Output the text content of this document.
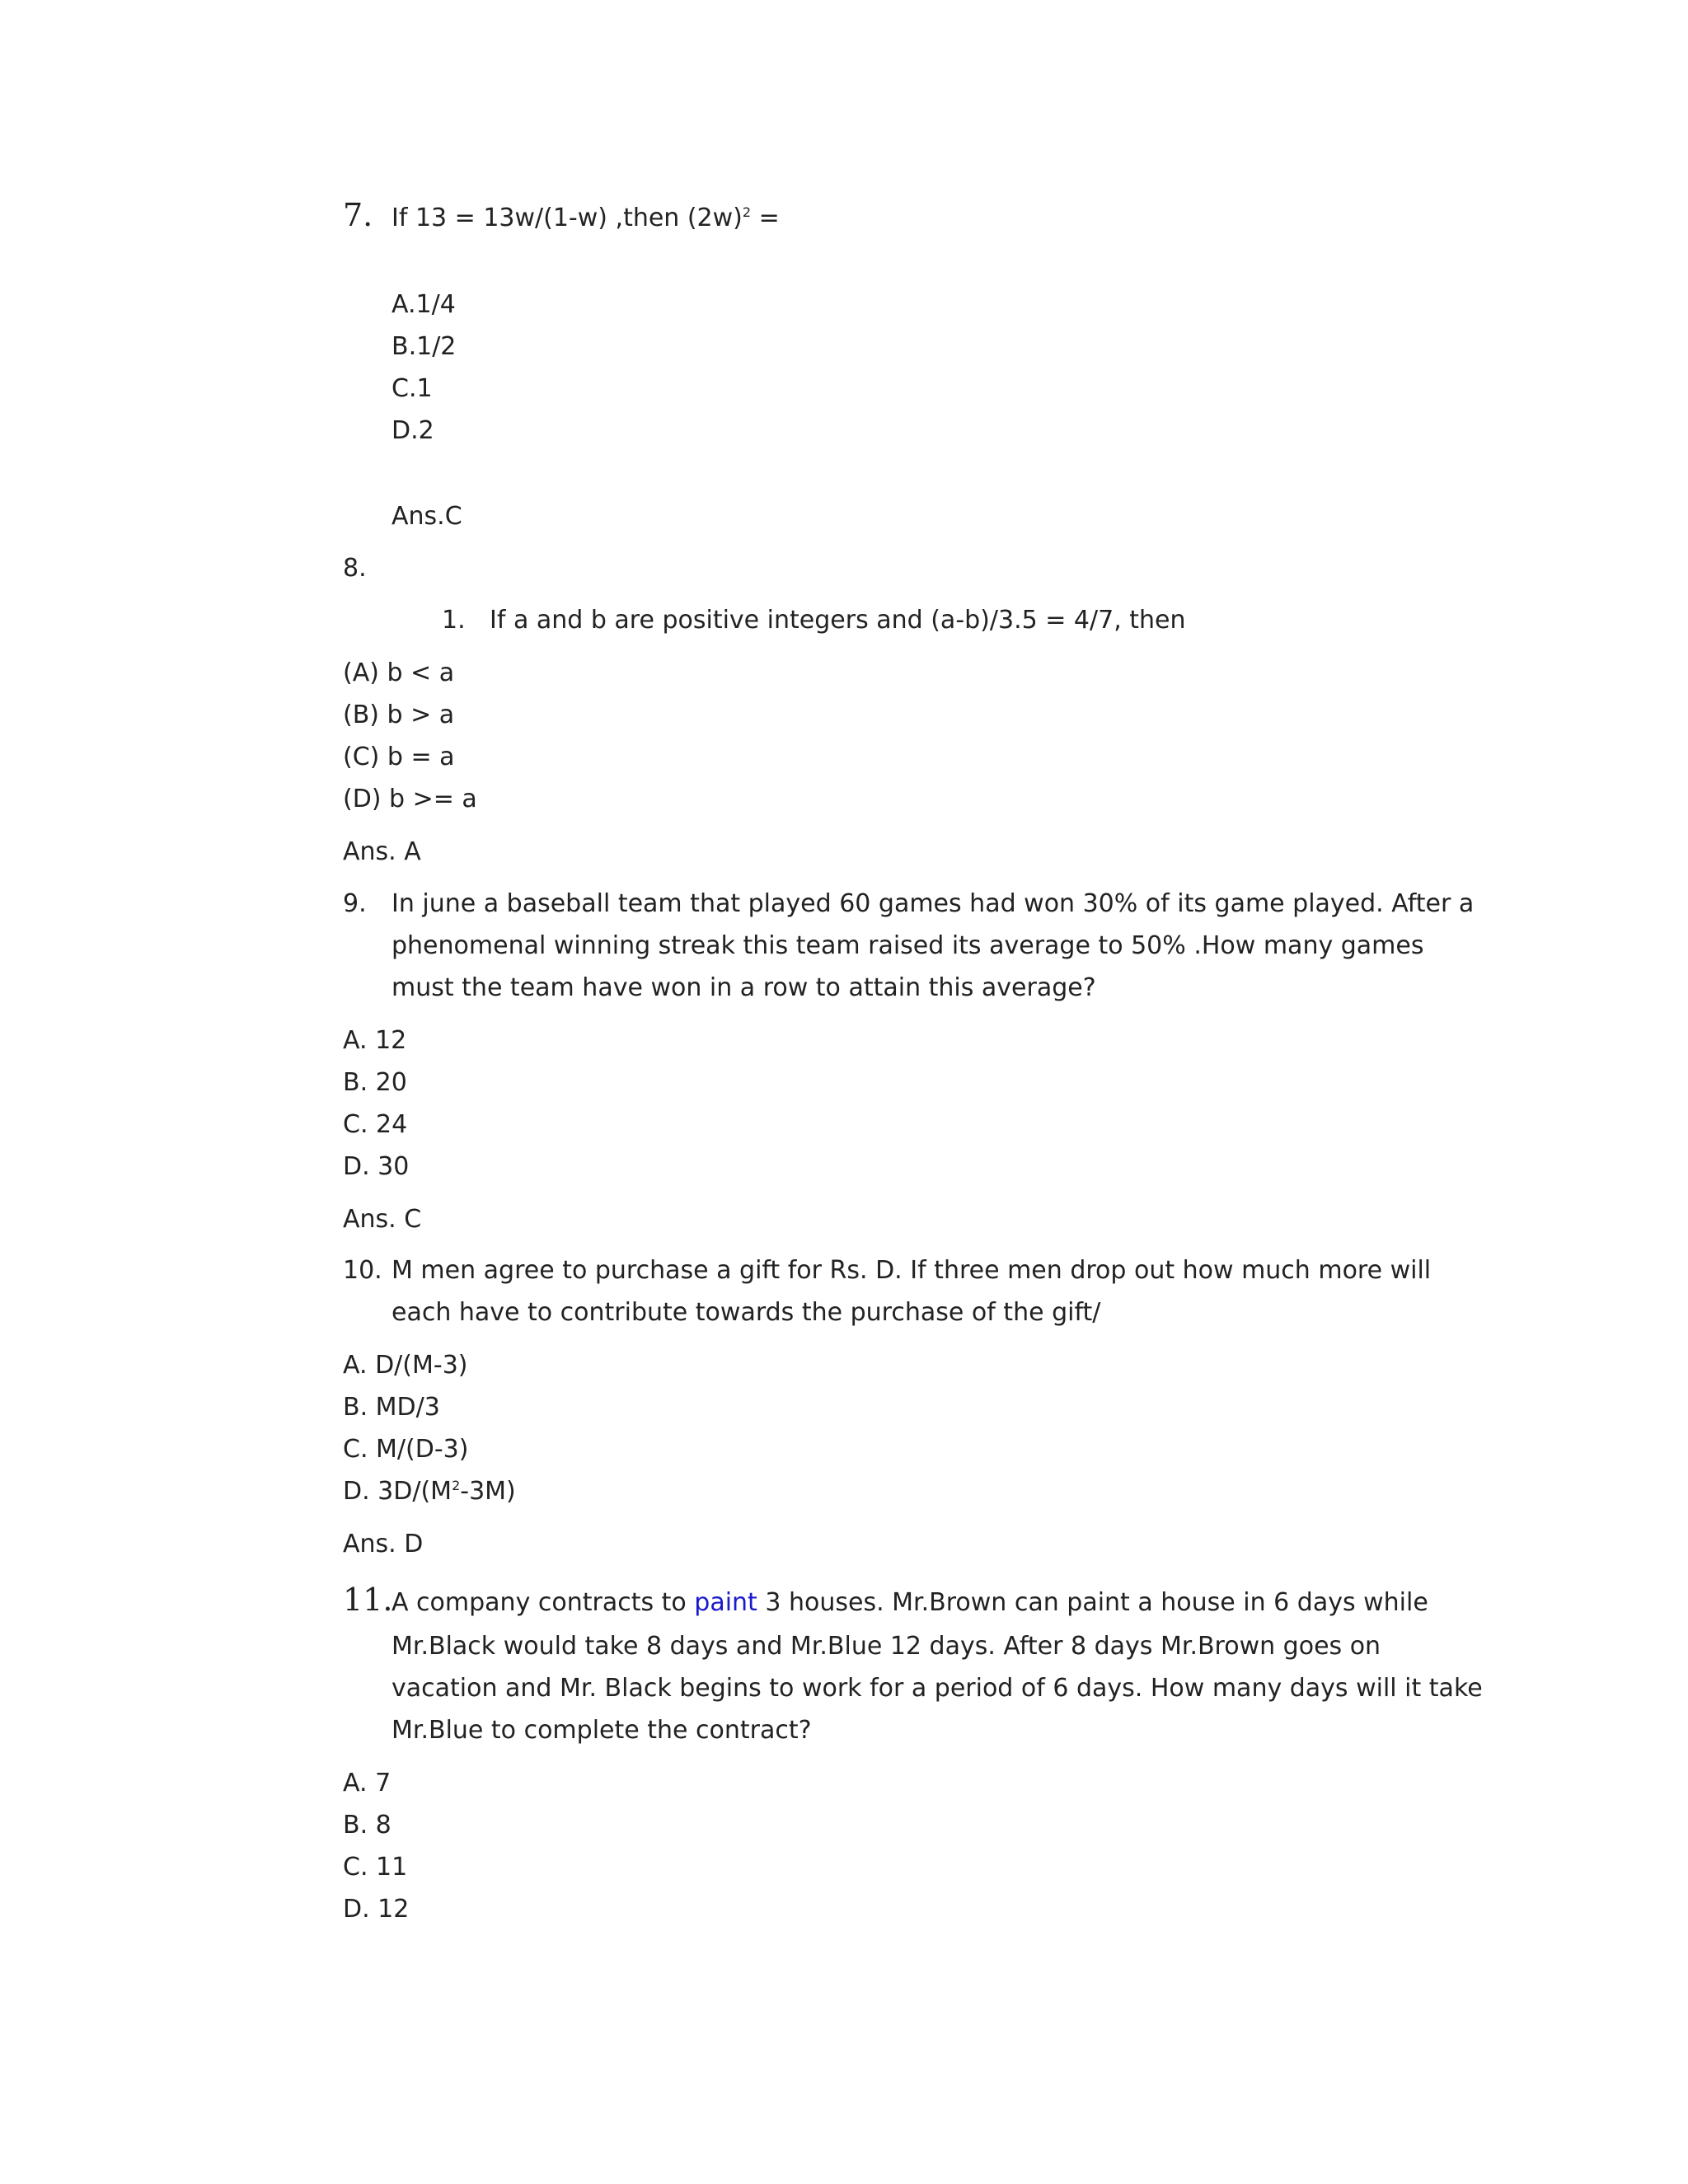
7. If 13 = 13w/(1-w) ,then $(2w)^2$ =
A.1/4
B.1/2
C.1
D.2
Ans.C
8.
1. If a and b are positive integers and (a-b)/3.5 = 4/7, then
(A) b < a
(B) b > a
(C) b = a
(D) b >= a
Ans. A
9. In june a baseball team that played 60 games had won 30% of its game played. After a
phenomenal winning streak this team raised its average to 50% .How many games
must the team have won in a row to attain this average?
A. 12
B. 20
C. 24
D. 30
Ans. C
10. M men agree to purchase a gift for Rs. D. If three men drop out how much more will
each have to contribute towards the purchase of the gift/
A. D/(M-3)
B. MD/3
C. M/(D-3)
D. $3D/(M^2-3M)$
Ans. D
11.
A company contracts to paint 3 houses. Mr.Brown can paint a house in 6 days while
Mr.Black would take 8 days and Mr.Blue 12 days. After 8 days Mr.Brown goes on
vacation and Mr. Black begins to work for a period of 6 days. How many days will it take
Mr.Blue to complete the contract?
A. 7
B. 8
C. 11
D. 12
